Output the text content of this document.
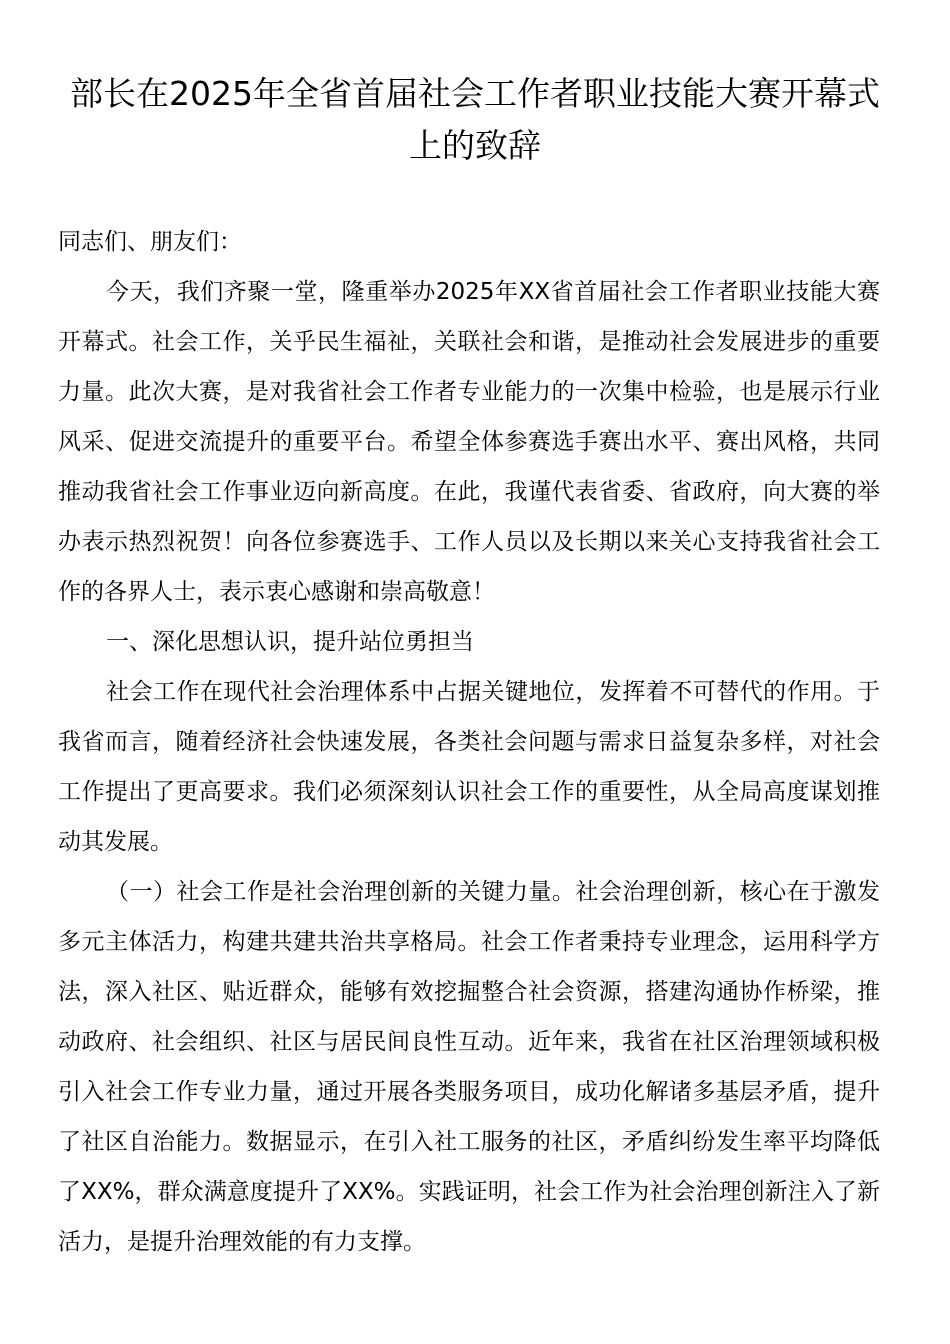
部长在2025年全省首届社会工作者职业技能大赛开幕式上的致辞

同志们、朋友们：

今天，我们齐聚一堂，隆重举办2025年XX省首届社会工作者职业技能大赛开幕式。社会工作，关乎民生福祉，关联社会和谐，是推动社会发展进步的重要力量。此次大赛，是对我省社会工作者专业能力的一次集中检验，也是展示行业风采、促进交流提升的重要平台。希望全体参赛选手赛出水平、赛出风格，共同推动我省社会工作事业迈向新高度。在此，我谨代表省委、省政府，向大赛的举办表示热烈祝贺！向各位参赛选手、工作人员以及长期以来关心支持我省社会工作的各界人士，表示衷心感谢和崇高敬意！

一、深化思想认识，提升站位勇担当

社会工作在现代社会治理体系中占据关键地位，发挥着不可替代的作用。于我省而言，随着经济社会快速发展，各类社会问题与需求日益复杂多样，对社会工作提出了更高要求。我们必须深刻认识社会工作的重要性，从全局高度谋划推动其发展。

（一）社会工作是社会治理创新的关键力量。社会治理创新，核心在于激发多元主体活力，构建共建共治共享格局。社会工作者秉持专业理念，运用科学方法，深入社区、贴近群众，能够有效挖掘整合社会资源，搭建沟通协作桥梁，推动政府、社会组织、社区与居民间良性互动。近年来，我省在社区治理领域积极引入社会工作专业力量，通过开展各类服务项目，成功化解诸多基层矛盾，提升了社区自治能力。数据显示，在引入社工服务的社区，矛盾纠纷发生率平均降低了XX%，群众满意度提升了XX%。实践证明，社会工作为社会治理创新注入了新活力，是提升治理效能的有力支撑。
